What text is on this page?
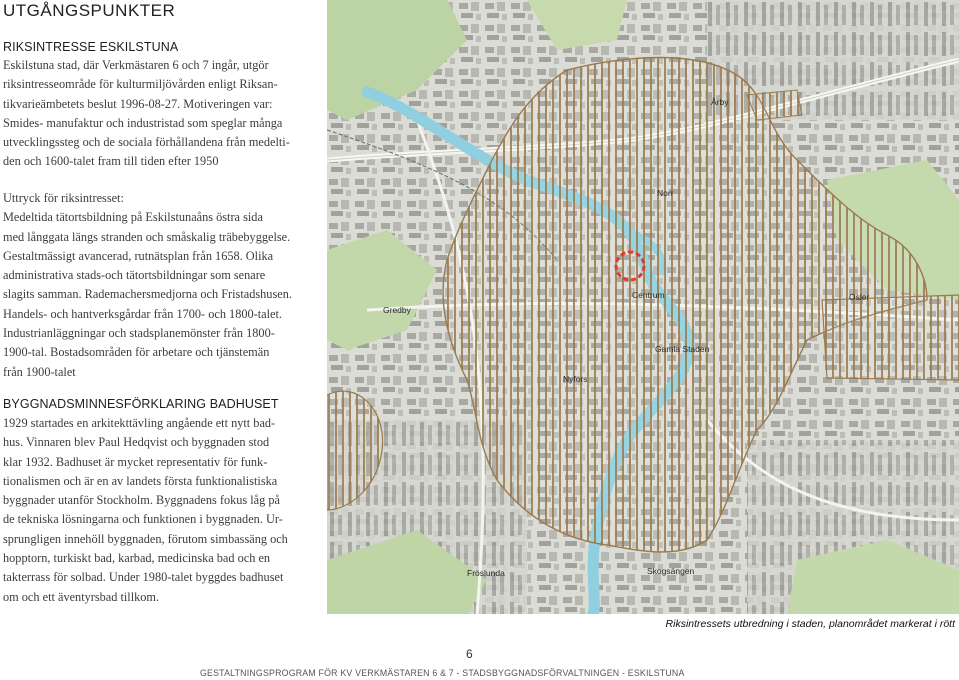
UTGÅNGSPUNKTER
RIKSINTRESSE ESKILSTUNA
Eskilstuna stad, där Verkmästaren 6 och 7 ingår, utgör
riksintresseområde för kulturmiljövården enligt Riksan-
tikvarieämbetets beslut 1996-08-27. Motiveringen var:
Smides- manufaktur och industristad som speglar många
utvecklingssteg och de sociala förhållandena från medelti-
den och 1600-talet fram till tiden efter 1950
Uttryck för riksintresset:
Medeltida tätortsbildning på Eskilstunaåns östra sida
med långgata längs stranden och småskalig träbebyggelse.
Gestaltmässigt avancerad, rutnätsplan från 1658. Olika
administrativa stads-och tätortsbildningar som senare
slagits samman. Rademachersmedjorna och Fristadshusen.
Handels- och hantverksgårdar från 1700- och 1800-talet.
Industrianläggningar och stadsplanemönster från 1800-
1900-tal. Bostadsområden för arbetare och tjänstemän
från 1900-talet
BYGGNADSMINNESFÖRKLARING BADHUSET
1929 startades en arkitekttävling angående ett nytt bad-
hus. Vinnaren blev Paul Hedqvist och byggnaden stod
klar 1932. Badhuset är mycket representativ för funk-
tionalismen och är en av landets första funktionalistiska
byggnader utanför Stockholm. Byggnadens fokus låg på
de tekniska lösningarna och funktionen i byggnaden. Ur-
sprungligen innehöll byggnaden, förutom simbassäng och
hopptorn, turkiskt bad, karbad, medicinska bad och en
takterrass för solbad. Under 1980-talet byggdes badhuset
om och ett äventyrsbad tillkom.
Årby
Norr
Gredby
Centrum	Osler
Gamla Staden
Nyfors
Fröslunda	Skogsängen
Riksintressets utbredning i staden, planområdet markerat i rött
6
GESTALTNINGSPROGRAM FÖR KV VERKMÄSTAREN 6 & 7 - STADSBYGGNADSFÖRVALTNINGEN - ESKILSTUNA
